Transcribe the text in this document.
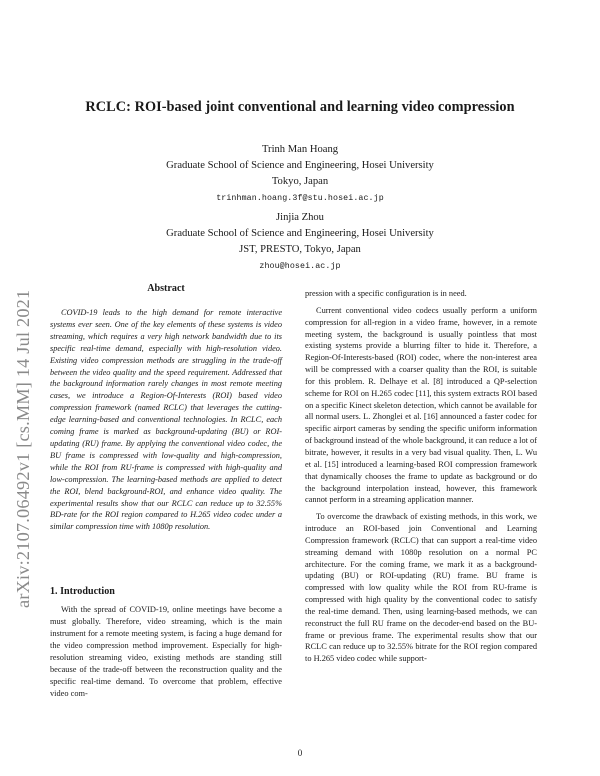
arXiv:2107.06492v1 [cs.MM] 14 Jul 2021
RCLC: ROI-based joint conventional and learning video compression
Trinh Man Hoang
Graduate School of Science and Engineering, Hosei University
Tokyo, Japan
trinhman.hoang.3f@stu.hosei.ac.jp
Jinjia Zhou
Graduate School of Science and Engineering, Hosei University
JST, PRESTO, Tokyo, Japan
zhou@hosei.ac.jp
Abstract

COVID-19 leads to the high demand for remote interactive systems ever seen. One of the key elements of these systems is video streaming, which requires a very high network bandwidth due to its specific real-time demand, especially with high-resolution video. Existing video compression methods are struggling in the trade-off between the video quality and the speed requirement. Addressed that the background information rarely changes in most remote meeting cases, we introduce a Region-Of-Interests (ROI) based video compression framework (named RCLC) that leverages the cutting-edge learning-based and conventional technologies. In RCLC, each coming frame is marked as background-updating (BU) or ROI-updating (RU) frame. By applying the conventional video codec, the BU frame is compressed with low-quality and high-compression, while the ROI from RU-frame is compressed with high-quality and low-compression. The learning-based methods are applied to detect the ROI, blend background-ROI, and enhance video quality. The experimental results show that our RCLC can reduce up to 32.55% BD-rate for the ROI region compared to H.265 video codec under a similar compression time with 1080p resolution.

1. Introduction

With the spread of COVID-19, online meetings have become a must globally. Therefore, video streaming, which is the main instrument for a remote meeting system, is facing a huge demand for the video compression method improvement. Especially for high-resolution streaming video, existing methods are standing still because of the trade-off between the reconstruction quality and the specific real-time demand. To overcome that problem, effective video com-

pression with a specific configuration is in need.

Current conventional video codecs usually perform a uniform compression for all-region in a video frame, however, in a remote meeting system, the background is usually pointless that most existing systems provide a blurring filter to hide it. Therefore, a Region-Of-Interests-based (ROI) codec, where the non-interest area will be compressed with a coarser quality than the ROI, is suitable for this problem. R. Delhaye et al. [8] introduced a QP-selection scheme for ROI on H.265 codec [11], this system extracts ROI based on a specific Kinect skeleton detection, which cannot be available for all normal users. L. Zhonglei et al. [16] announced a faster codec for specific airport cameras by sending the specific uniform information of background instead of the whole background, it can reduce a lot of bitrate, however, it results in a very bad visual quality. Then, L. Wu et al. [15] introduced a learning-based ROI compression framework that dynamically chooses the frame to update as background or do the background interpolation instead, however, this framework cannot perform in a streaming application manner.

To overcome the drawback of existing methods, in this work, we introduce an ROI-based join Conventional and Learning Compression framework (RCLC) that can support a real-time video streaming demand with 1080p resolution on a normal PC architecture. For the coming frame, we mark it as a background-updating (BU) or ROI-updating (RU) frame. BU frame is compressed with low quality while the ROI from RU-frame is compressed with high quality by the conventional codec to satisfy the real-time demand. Then, using learning-based methods, we can reconstruct the full RU frame on the decoder-end based on the BU-frame or previous frame. The experimental results show that our RCLC can reduce up to 32.55% bitrate for the ROI region compared to H.265 video codec while support-

0
